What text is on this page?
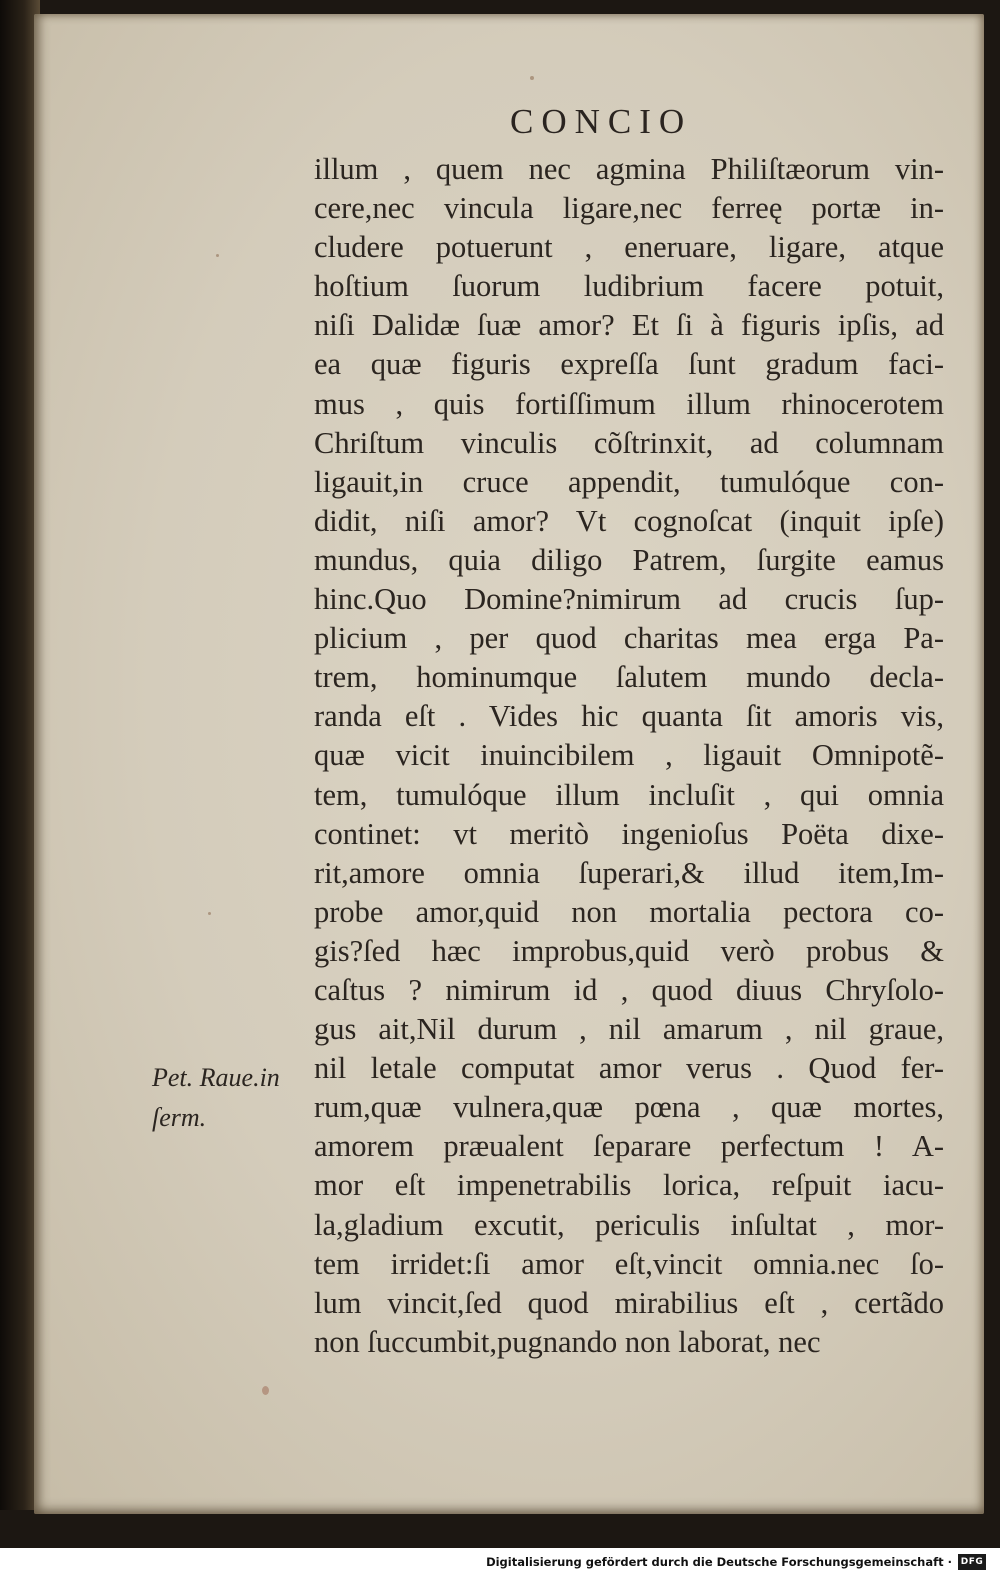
CONCIO
illum , quem nec agmina Philiſtæorum vin-
cere,nec vincula ligare,nec ferreę portæ in-
cludere potuerunt , eneruare, ligare, atque
hoſtium ſuorum ludibrium facere potuit,
niſi Dalidæ ſuæ amor? Et ſi à figuris ipſis, ad
ea quæ figuris expreſſa ſunt gradum faci-
mus , quis fortiſſimum illum rhinocerotem
Chriſtum vinculis cõſtrinxit, ad columnam
ligauit,in cruce appendit, tumulóque con-
didit, niſi amor? Vt cognoſcat (inquit ipſe)
mundus, quia diligo Patrem, ſurgite eamus
hinc.Quo Domine?nimirum ad crucis ſup-
plicium , per quod charitas mea erga Pa-
trem, hominumque ſalutem mundo decla-
randa eſt . Vides hic quanta ſit amoris vis,
quæ vicit inuincibilem , ligauit Omnipotẽ-
tem, tumulóque illum incluſit , qui omnia
continet: vt meritò ingenioſus Poëta dixe-
rit,amore omnia ſuperari,& illud item,Im-
probe amor,quid non mortalia pectora co-
gis?ſed hæc improbus,quid verò probus &
caſtus ? nimirum id , quod diuus Chryſolo-
gus ait,Nil durum , nil amarum , nil graue,
nil letale computat amor verus . Quod fer-
rum,quæ vulnera,quæ pœna , quæ mortes,
amorem præualent ſeparare perfectum ! A-
mor eſt impenetrabilis lorica, reſpuit iacu-
la,gladium excutit, periculis inſultat , mor-
tem irridet:ſi amor eſt,vincit omnia.nec ſo-
lum vincit,ſed quod mirabilius eſt , certãdo
non ſuccumbit,pugnando non laborat, nec
Pet. Raue.in
ſerm.
Digitalisierung gefördert durch die Deutsche Forschungsgemeinschaft · DFG
